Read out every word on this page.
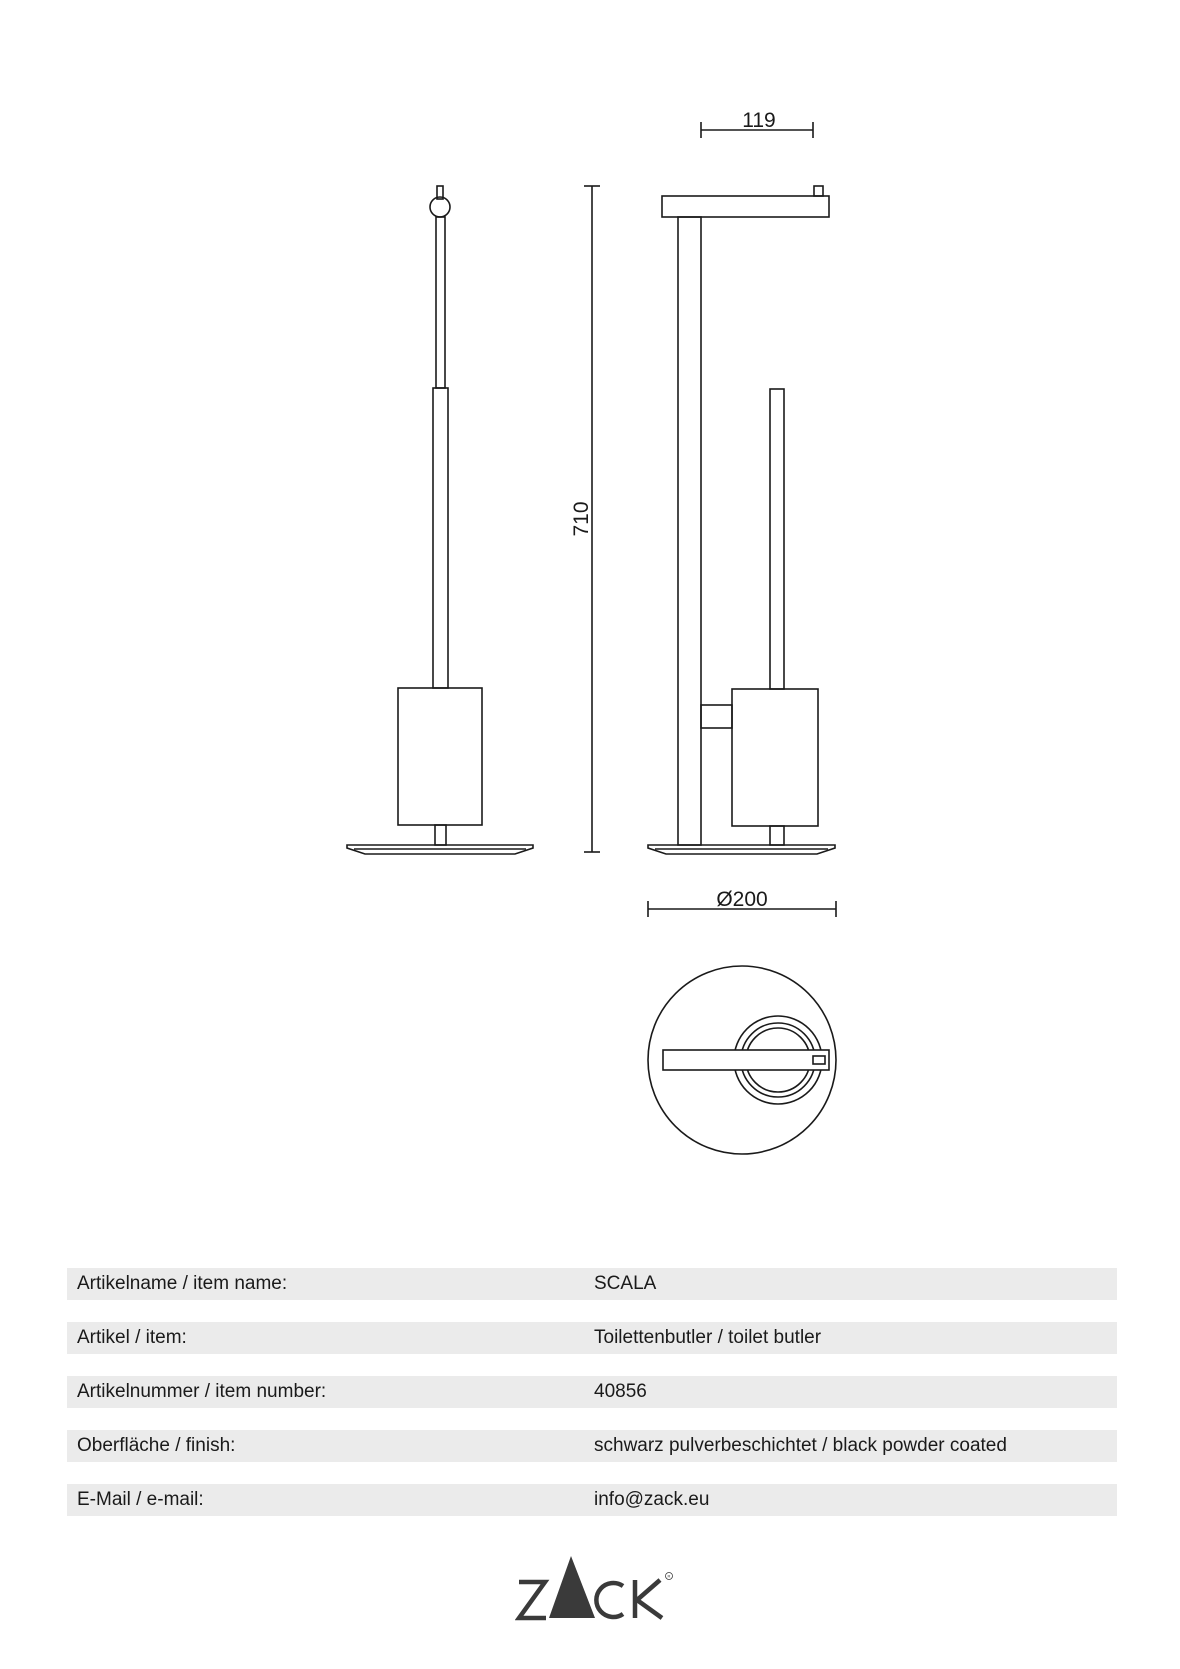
119
710
Ø200
Artikelname / item name:	SCALA
Artikel / item:	Toilettenbutler / toilet butler
Artikelnummer / item number:	40856
Oberfläche / finish:	schwarz pulverbeschichtet / black powder coated
E-Mail / e-mail:	info@zack.eu
R
